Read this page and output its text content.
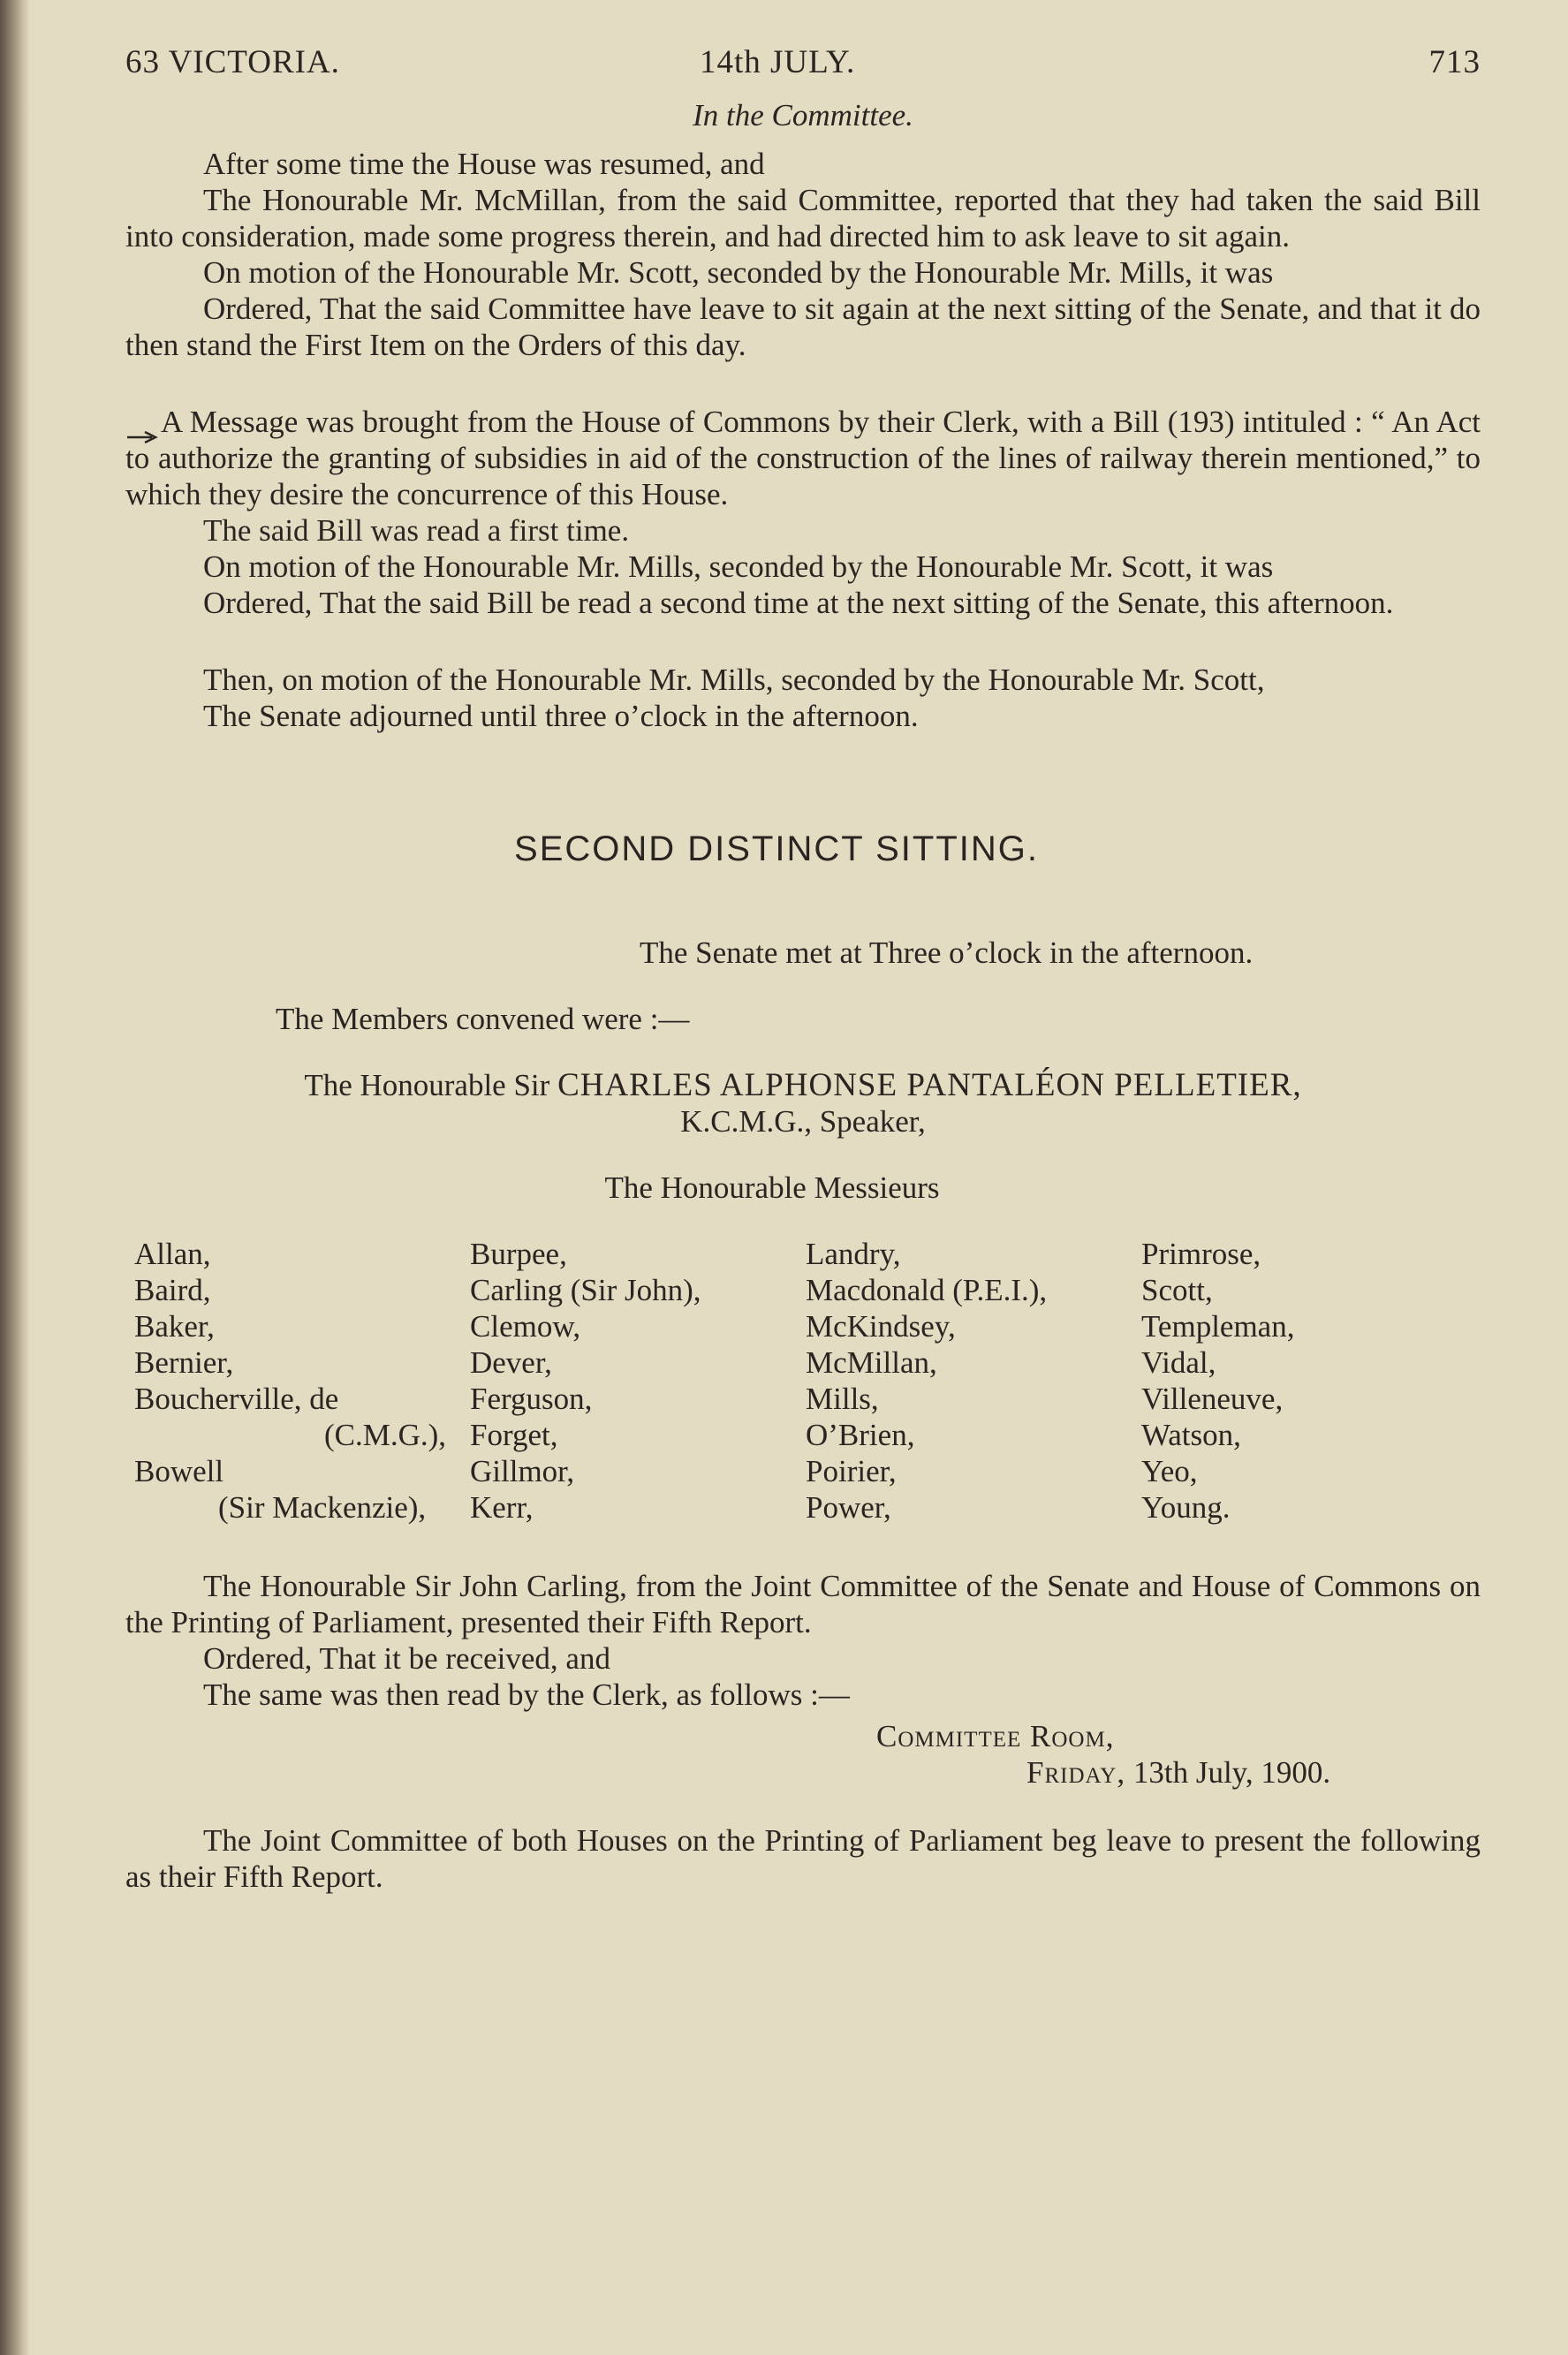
63 VICTORIA.	14th JULY.	713
In the Committee.

After some time the House was resumed, and

The Honourable Mr. McMillan, from the said Committee, reported that they had taken the said Bill into consideration, made some progress therein, and had directed him to ask leave to sit again.

On motion of the Honourable Mr. Scott, seconded by the Honourable Mr. Mills, it was

Ordered, That the said Committee have leave to sit again at the next sitting of the Senate, and that it do then stand the First Item on the Orders of this day.

A Message was brought from the House of Commons by their Clerk, with a Bill (193) intituled : “ An Act to authorize the granting of subsidies in aid of the construction of the lines of railway therein mentioned,” to which they desire the concurrence of this House.

The said Bill was read a first time.

On motion of the Honourable Mr. Mills, seconded by the Honourable Mr. Scott, it was

Ordered, That the said Bill be read a second time at the next sitting of the Senate, this afternoon.

Then, on motion of the Honourable Mr. Mills, seconded by the Honourable Mr. Scott,

The Senate adjourned until three o’clock in the afternoon.

SECOND DISTINCT SITTING.
The Senate met at Three o’clock in the afternoon.
The Members convened were :—
The Honourable Sir CHARLES ALPHONSE PANTALÉON PELLETIER,
K.C.M.G., Speaker,
The Honourable Messieurs
Allan,
Baird,
Baker,
Bernier,
Boucherville, de
(C.M.G.),
Bowell
(Sir Mackenzie),
Burpee,
Carling (Sir John),
Clemow,
Dever,
Ferguson,
Forget,
Gillmor,
Kerr,
Landry,
Macdonald (P.E.I.),
McKindsey,
McMillan,
Mills,
O’Brien,
Poirier,
Power,
Primrose,
Scott,
Templeman,
Vidal,
Villeneuve,
Watson,
Yeo,
Young.

The Honourable Sir John Carling, from the Joint Committee of the Senate and House of Commons on the Printing of Parliament, presented their Fifth Report.

Ordered, That it be received, and

The same was then read by the Clerk, as follows :—

Committee Room,
Friday, 13th July, 1900.

The Joint Committee of both Houses on the Printing of Parliament beg leave to present the following as their Fifth Report.
